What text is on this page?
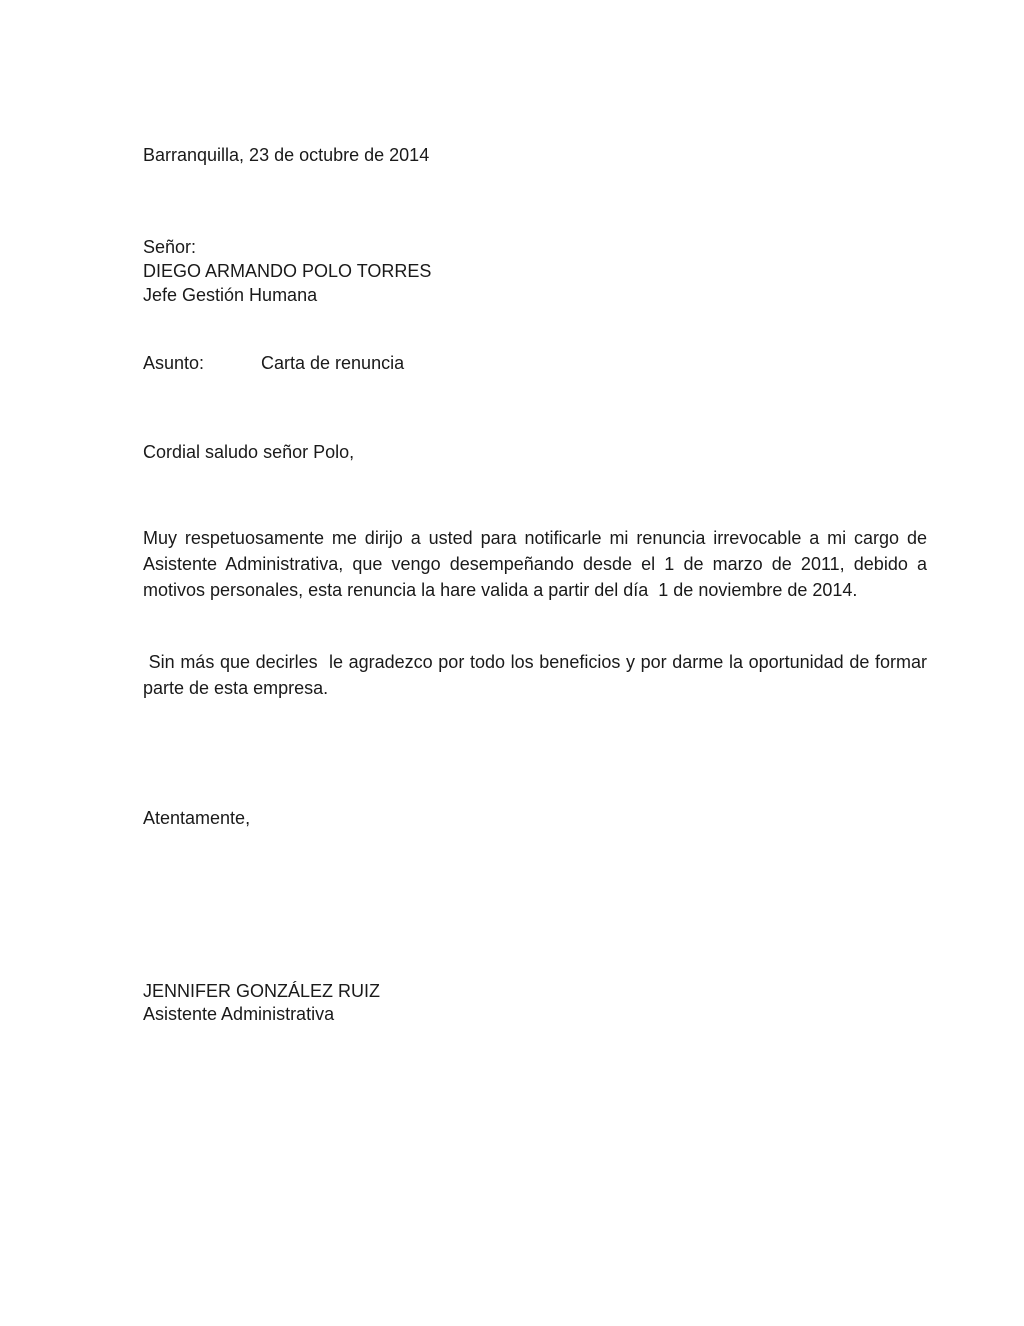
Barranquilla, 23 de octubre de 2014
Señor:
DIEGO ARMANDO POLO TORRES
Jefe Gestión Humana
Asunto:	Carta de renuncia
Cordial saludo señor Polo,
Muy respetuosamente me dirijo a usted para notificarle mi renuncia irrevocable a mi cargo de Asistente Administrativa, que vengo desempeñando desde el 1 de marzo de 2011, debido a motivos personales, esta renuncia la hare valida a partir del día  1 de noviembre de 2014.
Sin más que decirles  le agradezco por todo los beneficios y por darme la oportunidad de formar parte de esta empresa.
Atentamente,
JENNIFER GONZÁLEZ RUIZ
Asistente Administrativa
